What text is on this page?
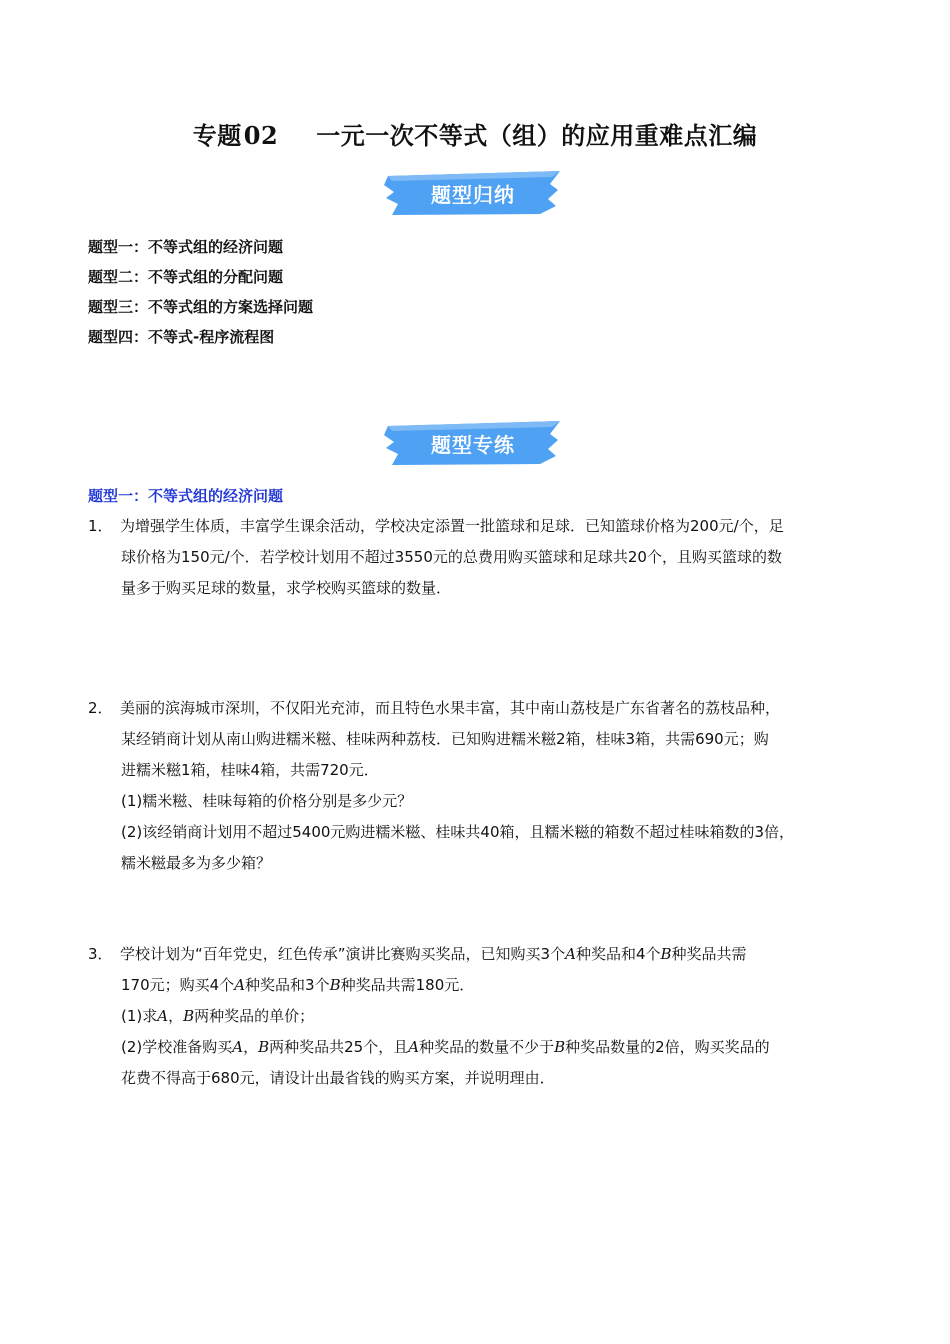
专题02 一元一次不等式（组）的应用重难点汇编
题型归纳
题型一：不等式组的经济问题
题型二：不等式组的分配问题
题型三：不等式组的方案选择问题
题型四：不等式-程序流程图
题型专练
题型一：不等式组的经济问题
1． 为增强学生体质，丰富学生课余活动，学校决定添置一批篮球和足球．已知篮球价格为200元/个，足
球价格为150元/个．若学校计划用不超过3550元的总费用购买篮球和足球共20个，且购买篮球的数
量多于购买足球的数量，求学校购买篮球的数量．
2． 美丽的滨海城市深圳，不仅阳光充沛，而且特色水果丰富，其中南山荔枝是广东省著名的荔枝品种，
某经销商计划从南山购进糯米糍、桂味两种荔枝．已知购进糯米糍2箱，桂味3箱，共需690元；购
进糯米糍1箱，桂味4箱，共需720元．
(1)糯米糍、桂味每箱的价格分别是多少元？
(2)该经销商计划用不超过5400元购进糯米糍、桂味共40箱，且糯米糍的箱数不超过桂味箱数的3倍，
糯米糍最多为多少箱？
3． 学校计划为“百年党史，红色传承”演讲比赛购买奖品，已知购买3个A种奖品和4个B种奖品共需
170元；购买4个A种奖品和3个B种奖品共需180元．
(1)求A，B两种奖品的单价；
(2)学校准备购买A，B两种奖品共25个，且A种奖品的数量不少于B种奖品数量的2倍，购买奖品的
花费不得高于680元，请设计出最省钱的购买方案，并说明理由．
